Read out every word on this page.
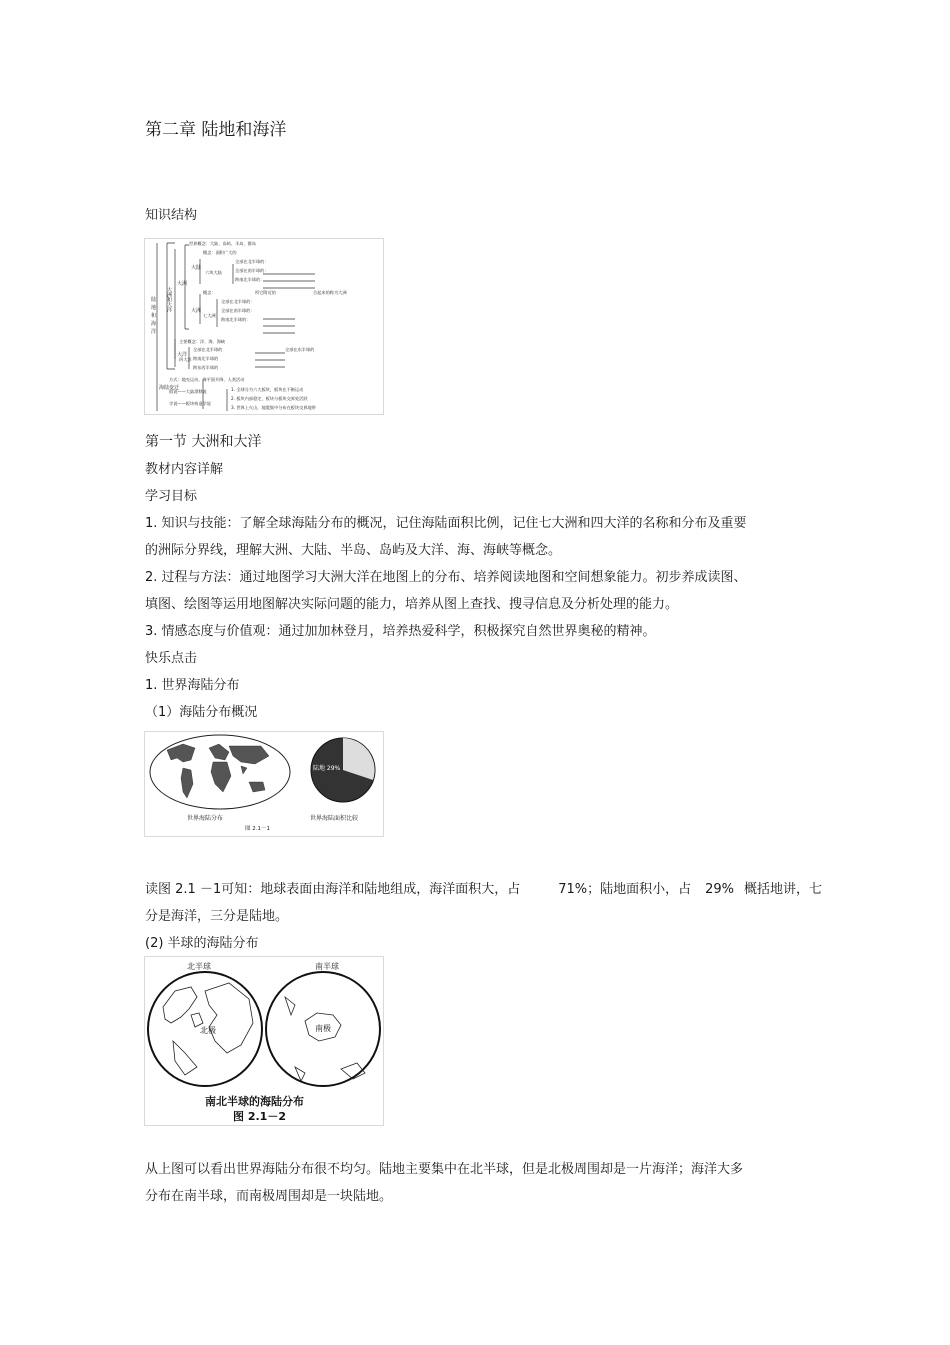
第二章 陆地和海洋
知识结构
陆
地
和
海
洋
大洲和大洋
海陆变迁
大洲
大洋
大陆
大洲
世界概念：大陆、岛屿、半岛、群岛
概念：面积广大的
六块大陆
全部在北半球的：
全部在南半球的：
跨南北半球的：
概念：	所它附近的	合起来的称为大洲
七大洲
全部在北半球的：
全部在南半球的：
跨南北半球的：
主要概念：洋、海、海峡
四大洋
全部在北半球的	全部在东半球的
跨南北半球的
跨东西半球的
方式：地壳运动、海平面升降、人类活动
假说——大陆漂移说
学说——板块构造学说
1. 全球分为六大板块，板块在不断运动
2. 板块内部稳定，板块与板块交界处活跃
3. 世界上火山、地震集中分布在板块交界地带
第一节 大洲和大洋
教材内容详解
学习目标
1. 知识与技能：了解全球海陆分布的概况，记住海陆面积比例，记住七大洲和四大洋的名称和分布及重要
的洲际分界线，理解大洲、大陆、半岛、岛屿及大洋、海、海峡等概念。
2. 过程与方法：通过地图学习大洲大洋在地图上的分布、培养阅读地图和空间想象能力。初步养成读图、
填图、绘图等运用地图解决实际问题的能力，培养从图上查找、搜寻信息及分析处理的能力。
3. 情感态度与价值观：通过加加林登月，培养热爱科学，积极探究自然世界奥秘的精神。
快乐点击
1. 世界海陆分布
（1）海陆分布概况
陆地 29%
世界海陆分布	世界海陆面积比较
图 2.1－1
读图 2.1 －1可知：地球表面由海洋和陆地组成，海洋面积大，占	71%；陆地面积小，占 29% 概括地讲，七
分是海洋，三分是陆地。
(2) 半球的海陆分布
北半球	南半球
北极	南极
南北半球的海陆分布
图 2.1－2
从上图可以看出世界海陆分布很不均匀。陆地主要集中在北半球，但是北极周围却是一片海洋；海洋大多
分布在南半球，而南极周围却是一块陆地。
